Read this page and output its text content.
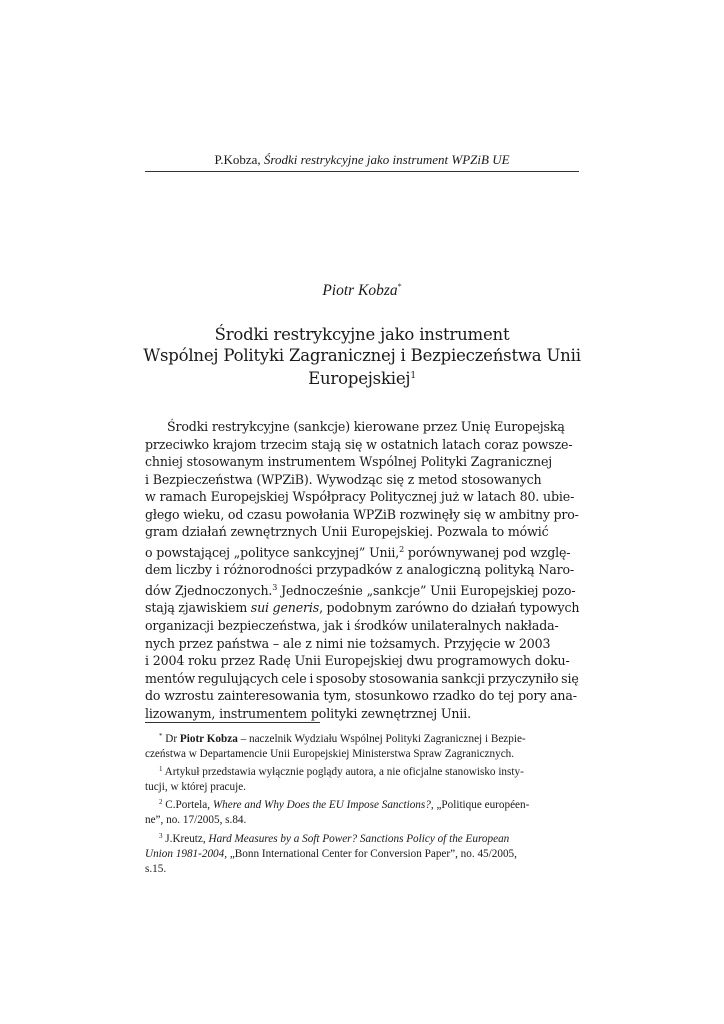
P.Kobza, Środki restrykcyjne jako instrument WPZiB UE
Piotr Kobza*
Środki restrykcyjne jako instrument
Wspólnej Polityki Zagranicznej i Bezpieczeństwa Unii
Europejskiej$^1$
Środki restrykcyjne (sankcje) kierowane przez Unię Europejską
przeciwko krajom trzecim stają się w ostatnich latach coraz powsze-
chniej stosowanym instrumentem Wspólnej Polityki Zagranicznej
i Bezpieczeństwa (WPZiB). Wywodząc się z metod stosowanych
w ramach Europejskiej Współpracy Politycznej już w latach 80. ubie-
głego wieku, od czasu powołania WPZiB rozwinęły się w ambitny pro-
gram działań zewnętrznych Unii Europejskiej. Pozwala to mówić
o powstającej „polityce sankcyjnej” Unii,$^2$ porównywanej pod wzglę-
dem liczby i różnorodności przypadków z analogiczną polityką Naro-
dów Zjednoczonych.$^3$ Jednocześnie „sankcje” Unii Europejskiej pozo-
stają zjawiskiem sui generis, podobnym zarówno do działań typowych
organizacji bezpieczeństwa, jak i środków unilateralnych nakłada-
nych przez państwa – ale z nimi nie tożsamych. Przyjęcie w 2003
i 2004 roku przez Radę Unii Europejskiej dwu programowych doku-
mentów regulujących cele i sposoby stosowania sankcji przyczyniło się
do wzrostu zainteresowania tym, stosunkowo rzadko do tej pory ana-
lizowanym, instrumentem polityki zewnętrznej Unii.

* Dr Piotr Kobza – naczelnik Wydziału Wspólnej Polityki Zagranicznej i Bezpie-

czeństwa w Departamencie Unii Europejskiej Ministerstwa Spraw Zagranicznych.

$^1$ Artykuł przedstawia wyłącznie poglądy autora, a nie oficjalne stanowisko insty-

tucji, w której pracuje.

$^2$ C.Portela, Where and Why Does the EU Impose Sanctions?, „Politique européen-

ne”, no. 17/2005, s.84.

$^3$ J.Kreutz, Hard Measures by a Soft Power? Sanctions Policy of the European

Union 1981-2004, „Bonn International Center for Conversion Paper”, no. 45/2005,

s.15.
